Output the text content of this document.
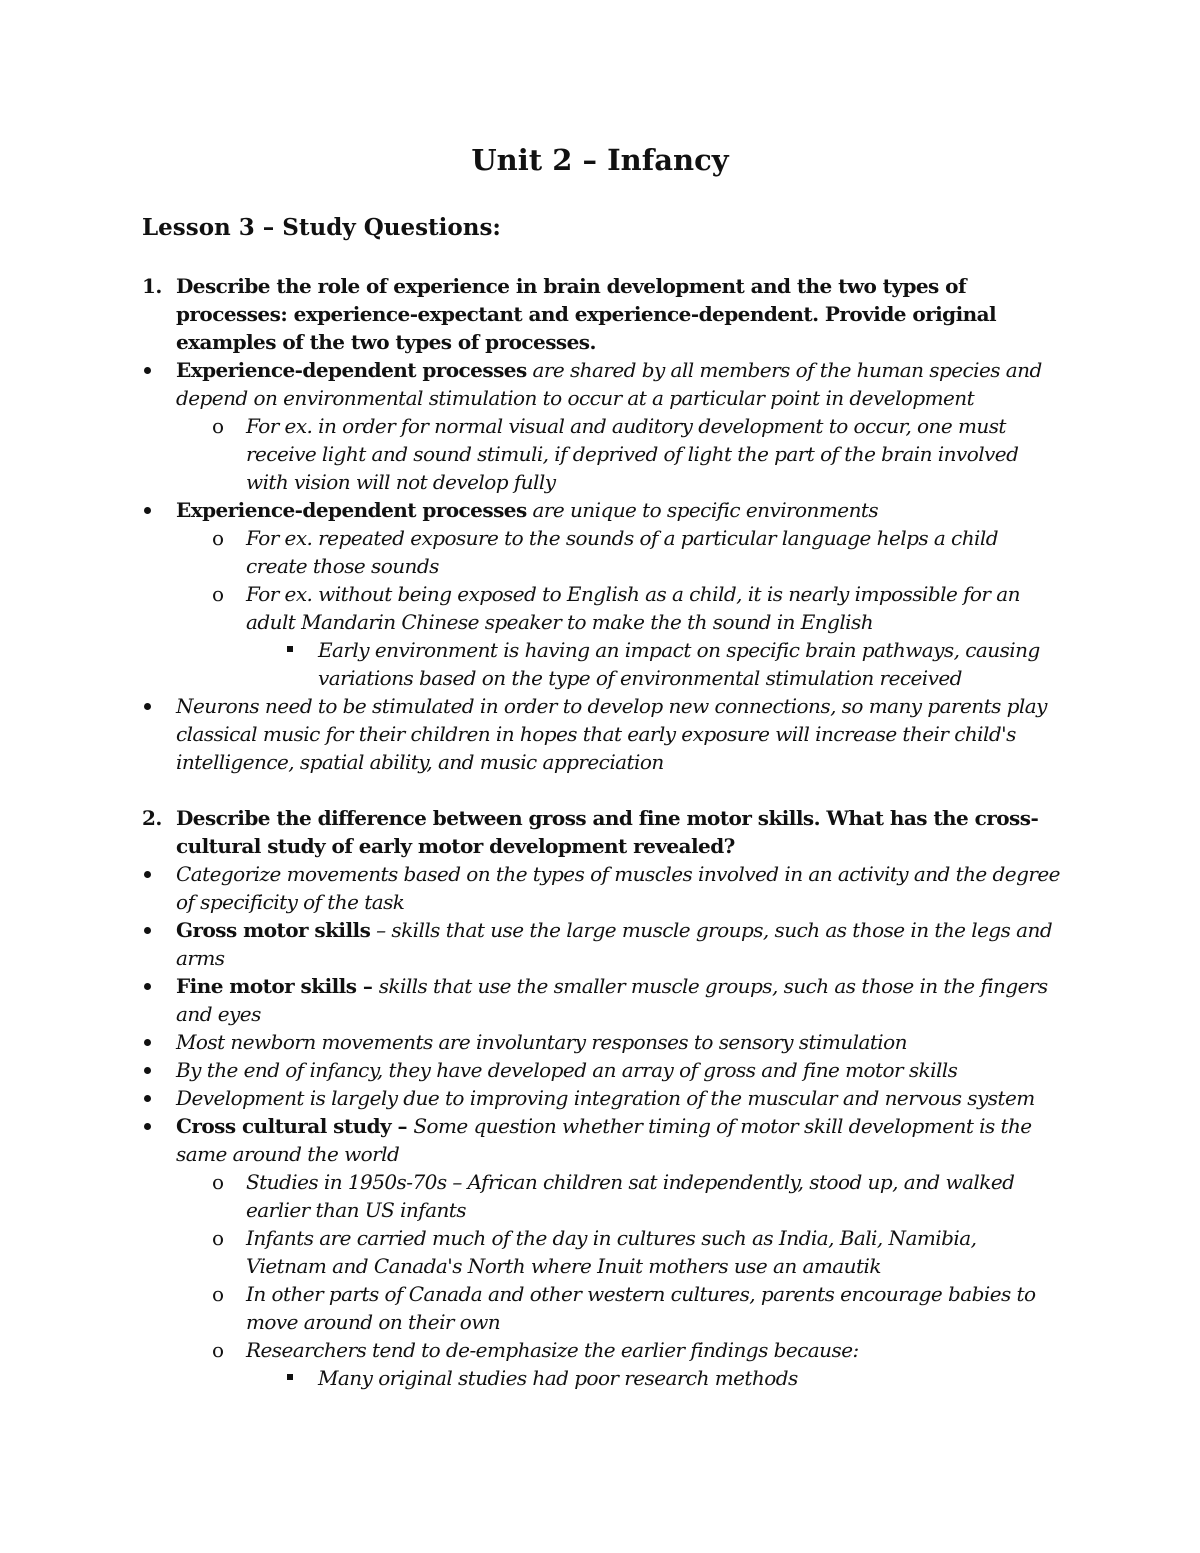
Unit 2 – Infancy
Lesson 3 – Study Questions:
1. Describe the role of experience in brain development and the two types of processes: experience-expectant and experience-dependent. Provide original examples of the two types of processes.
Experience-dependent processes are shared by all members of the human species and depend on environmental stimulation to occur at a particular point in development
o For ex. in order for normal visual and auditory development to occur, one must receive light and sound stimuli, if deprived of light the part of the brain involved with vision will not develop fully
Experience-dependent processes are unique to specific environments
o For ex. repeated exposure to the sounds of a particular language helps a child create those sounds
o For ex. without being exposed to English as a child, it is nearly impossible for an adult Mandarin Chinese speaker to make the th sound in English
Early environment is having an impact on specific brain pathways, causing variations based on the type of environmental stimulation received
Neurons need to be stimulated in order to develop new connections, so many parents play classical music for their children in hopes that early exposure will increase their child's intelligence, spatial ability, and music appreciation
2. Describe the difference between gross and fine motor skills. What has the cross-cultural study of early motor development revealed?
Categorize movements based on the types of muscles involved in an activity and the degree of specificity of the task
Gross motor skills – skills that use the large muscle groups, such as those in the legs and arms
Fine motor skills – skills that use the smaller muscle groups, such as those in the fingers and eyes
Most newborn movements are involuntary responses to sensory stimulation
By the end of infancy, they have developed an array of gross and fine motor skills
Development is largely due to improving integration of the muscular and nervous system
Cross cultural study – Some question whether timing of motor skill development is the same around the world
o Studies in 1950s-70s – African children sat independently, stood up, and walked earlier than US infants
o Infants are carried much of the day in cultures such as India, Bali, Namibia, Vietnam and Canada's North where Inuit mothers use an amautik
o In other parts of Canada and other western cultures, parents encourage babies to move around on their own
o Researchers tend to de-emphasize the earlier findings because:
Many original studies had poor research methods
